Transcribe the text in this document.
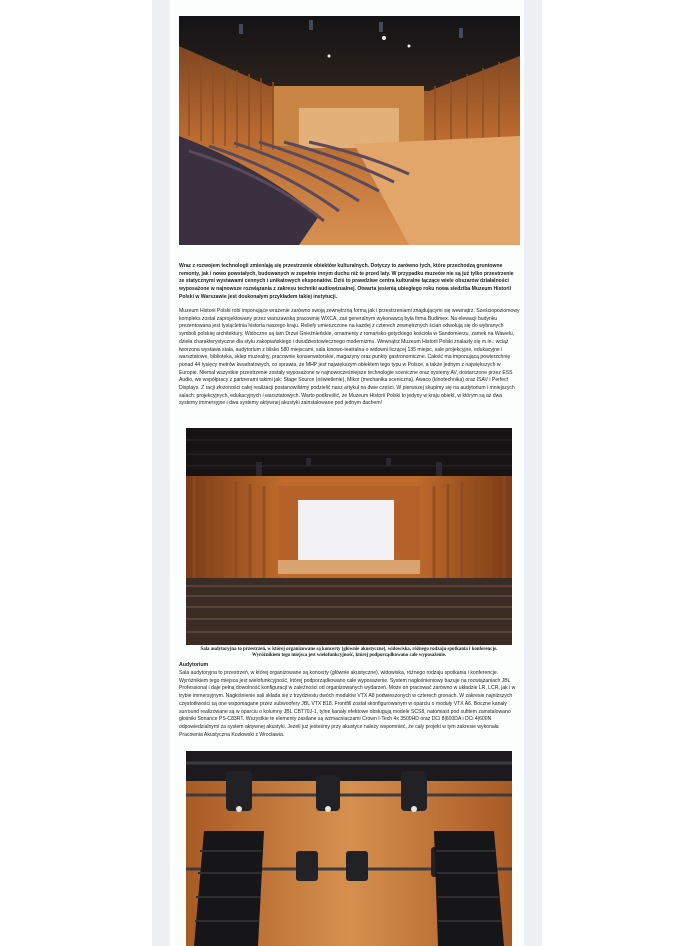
Wraz z rozwojem technologii zmieniają się przestrzenie obiektów kulturalnych. Dotyczy to zarówno tych, które przechodzą gruntowne remonty, jak i nowo powstałych, budowanych w zupełnie innym duchu niż te przed laty. W przypadku muzeów nie są już tylko przestrzenie ze statycznymi wystawami cennych i unikatowych eksponatów. Dziś to prawdziwe centra kulturalne łączące wiele obszarów działalności wyposażone w najnowsze rozwiązania z zakresu techniki audiowizualnej. Otwarta jesienią ubiegłego roku nowa siedziba Muzeum Historii Polski w Warszawie jest doskonałym przykładem takiej instytucji.

Muzeum Historii Polski robi imponujące wrażenie zarówno swoją zewnętrzną formą jak i przestrzeniami znajdującymi się wewnątrz. Sześciopoziomowy kompleks został zaprojektowany przez warszawską pracownię WXCA, zaś generalnym wykonawcą była firma Budimex. Na elewacji budynku prezentowana jest tysiącletnia historia naszego kraju. Reliefy umieszczone na każdej z czterech zewnętrznych ścian odwołują się do wybranych symboli polskiej architektury. Widoczne są tam Drzwi Gnieźnieńskie, ornamenty z romańsko-gotyckiego kościoła w Sandomierzu, zamek na Wawelu, dzieła charakterystyczne dla stylu zakopiańskiego i dwudziestowiecznego modernizmu. Wewnątrz Muzeum Historii Polski znalazły się m.in.: wciąż tworzona wystawa stała, audytorium z blisko 580 miejscami, sala kinowo-teatralna o widowni liczącej 135 miejsc, sale projekcyjne, edukacyjne i warsztatowe, biblioteka, sklep muzealny, pracownie konserwatorskie, magazyny oraz punkty gastronomiczne. Całość ma imponującą powierzchnię ponad 44 tysięcy metrów kwadratowych, co sprawia, że MHP jest największym obiektem tego typu w Polsce, a także jednym z największych w Europie. Niemal wszystkie przestrzenie zostały wyposażone w najnowocześniejsze technologie sceniczne oraz systemy AV, dostarczone przez ESS Audio, we współpracy z partnerami takimi jak: Stage Source (oświetlenie), Mikor (mechanika sceniczna), Awaco (kinotechnika) oraz ISAV i Perfect Displays. Z racji złożoności całej realizacji postanowiliśmy podzielić nasz artykuł na dwie części. W pierwszej skupimy się na audytorium i mniejszych salach: projekcyjnych, edukacyjnych i warsztatowych. Warto podkreślić, że Muzeum Historii Polski to jedyny w kraju obiekt, w którym są aż dwa systemy immersyjne i dwa systemy aktywnej akustyki zainstalowane pod jednym dachem!

Sala audytoryjna to przestrzeń, w której organizowane są koncerty (głównie akustyczne), widowiska, różnego rodzaju spotkania i konferencje. Wyróżnikiem tego miejsca jest wielofunkcyjność, której podporządkowano całe wyposażenie.
Audytorium

Sala audytoryjna to przestrzeń, w której organizowane są koncerty (głównie akustyczne), widowiska, różnego rodzaju spotkania i konferencje. Wyróżnikiem tego miejsca jest wielofunkcyjność, której podporządkowano całe wyposażenie. System nagłośnieniowy bazuje na rozwiązaniach JBL Professional i daje pełną dowolność konfiguracji w zależności od organizowanych wydarzeń. Może on pracować zarówno w układzie LR, LCR, jak i w trybie immersyjnym. Nagłośnienie sali składa się z trzydziestu dwóch modułów VTX A8 podwieszonych w czterech gronach. W zakresie najniższych częstotliwości są one wspomagane przez subwoofery JBL VTX B18. Frontfill został skonfigurowanym w oparciu o moduły VTX A6. Boczne kanały surround realizowane są w oparciu o kolumny JBL CBT70J-1, tylne kanały efektowe obsługują modele SCS8, natomiast pod sufitem zainstalowano głośniki Sonance PS-C83RT. Wszystkie te elementy zasilane są wzmacniaczami Crown I-Tech 4x 3500HD oraz DCi 8|600DA i DCi 4|600N odpowiedzialnymi za system aktywnej akustyki. Jeżeli już jesteśmy przy akustyce należy wspomnieć, że cały projekt w tym zakresie wykonała Pracownia Akustyczna Kozłowski z Wrocławia.
